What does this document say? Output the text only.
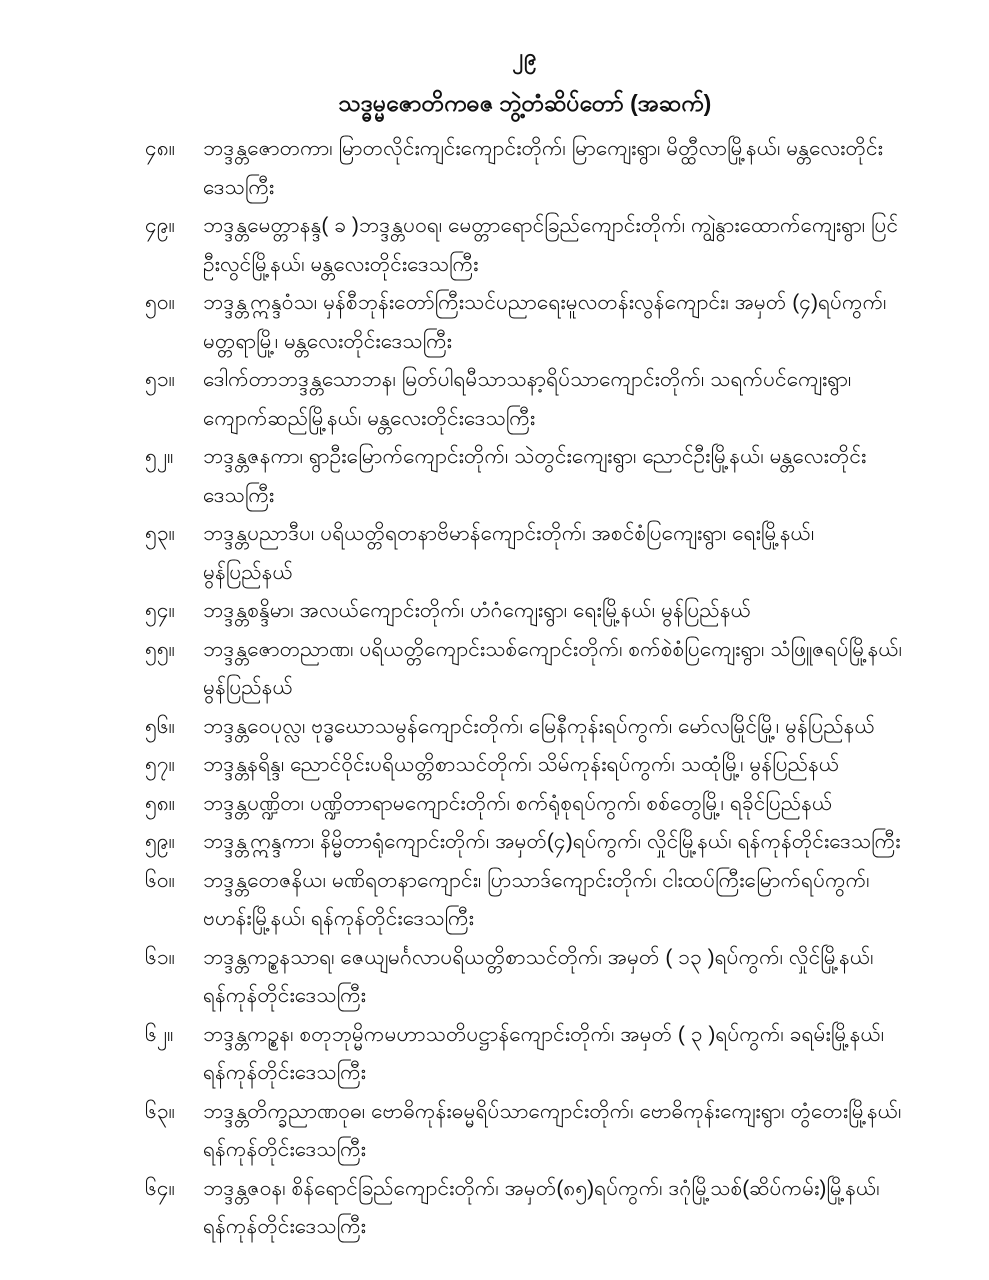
၂၉
သဒ္ဓမ္မဇောတိကဓဇ ဘွဲ့တံဆိပ်တော် (အဆက်)
၄၈။	ဘဒ္ဒန္တဇောတကာ၊ မြာတလိုင်းကျင်းကျောင်းတိုက်၊ မြာကျေးရွာ၊ မိတ္ထီလာမြို့နယ်၊ မန္တလေးတိုင်း ဒေသကြီး
၄၉။	ဘဒ္ဒန္တမေတ္တာနန္ဒ( ခ )ဘဒ္ဒန္တပဝရ၊ မေတ္တာရောင်ခြည်ကျောင်းတိုက်၊ ကျွဲနွားထောက်ကျေးရွာ၊ ပြင်ဦးလွင်မြို့နယ်၊ မန္တလေးတိုင်းဒေသကြီး
၅၀။	ဘဒ္ဒန္တဣန္ဒဝံသ၊ မှန်စီဘုန်းတော်ကြီးသင်ပညာရေးမူလတန်းလွန်ကျောင်း၊ အမှတ် (၄)ရပ်ကွက်၊ မတ္တရာမြို့၊ မန္တလေးတိုင်းဒေသကြီး
၅၁။	ဒေါက်တာဘဒ္ဒန္တသောဘန၊ မြတ်ပါရမီသာသနာ့ရိပ်သာကျောင်းတိုက်၊ သရက်ပင်ကျေးရွာ၊ ကျောက်ဆည်မြို့နယ်၊ မန္တလေးတိုင်းဒေသကြီး
၅၂။	ဘဒ္ဒန္တဇနကာ၊ ရွာဦးမြောက်ကျောင်းတိုက်၊ သဲတွင်းကျေးရွာ၊ ညောင်ဦးမြို့နယ်၊ မန္တလေးတိုင်း ဒေသကြီး
၅၃။	ဘဒ္ဒန္တပညာဒီပ၊ ပရိယတ္တိရတနာဗိမာန်ကျောင်းတိုက်၊ အစင်စံပြကျေးရွာ၊ ရေးမြို့နယ်၊ မွန်ပြည်နယ်
၅၄။	ဘဒ္ဒန္တစန္ဒိမာ၊ အလယ်ကျောင်းတိုက်၊ ဟံဂံကျေးရွာ၊ ရေးမြို့နယ်၊ မွန်ပြည်နယ်
၅၅။	ဘဒ္ဒန္တဇောတညာဏ၊ ပရိယတ္တိကျောင်းသစ်ကျောင်းတိုက်၊ စက်စဲစံပြကျေးရွာ၊ သံဖြူဇရပ်မြို့နယ်၊ မွန်ပြည်နယ်
၅၆။	ဘဒ္ဒန္တဝေပုလ္လ၊ ဗုဒ္ဓဃောသမွန်ကျောင်းတိုက်၊ မြေနီကုန်းရပ်ကွက်၊ မော်လမြိုင်မြို့၊ မွန်ပြည်နယ်
၅၇။	ဘဒ္ဒန္တနရိန္ဒ၊ ညောင်ဝိုင်းပရိယတ္တိစာသင်တိုက်၊ သိမ်ကုန်းရပ်ကွက်၊ သထုံမြို့၊ မွန်ပြည်နယ်
၅၈။	ဘဒ္ဒန္တပဏ္ဍိတ၊ ပဏ္ဍိတာရာမကျောင်းတိုက်၊ စက်ရုံစုရပ်ကွက်၊ စစ်တွေမြို့၊ ရခိုင်ပြည်နယ်
၅၉။	ဘဒ္ဒန္တဣန္ဒကာ၊ နိမ္မိတာရုံကျောင်းတိုက်၊ အမှတ်(၄)ရပ်ကွက်၊ လှိုင်မြို့နယ်၊ ရန်ကုန်တိုင်းဒေသကြီး
၆၀။	ဘဒ္ဒန္တတေဇနိယ၊ မဏိရတနာကျောင်း၊ ပြာသာဒ်ကျောင်းတိုက်၊ ငါးထပ်ကြီးမြောက်ရပ်ကွက်၊ ဗဟန်းမြို့နယ်၊ ရန်ကုန်တိုင်းဒေသကြီး
၆၁။	ဘဒ္ဒန္တကဉ္စနသာရ၊ ဇေယျမင်္ဂလာပရိယတ္တိစာသင်တိုက်၊ အမှတ် ( ၁၃ )ရပ်ကွက်၊ လှိုင်မြို့နယ်၊ ရန်ကုန်တိုင်းဒေသကြီး
၆၂။	ဘဒ္ဒန္တကဉ္စန၊ စတုဘုမ္မိကမဟာသတိပဋ္ဌာန်ကျောင်းတိုက်၊ အမှတ် ( ၃ )ရပ်ကွက်၊ ခရမ်းမြို့နယ်၊ ရန်ကုန်တိုင်းဒေသကြီး
၆၃။	ဘဒ္ဒန္တတိက္ခညာဏဝုဓ၊ ဗောဓိကုန်းဓမ္မရိပ်သာကျောင်းတိုက်၊ ဗောဓိကုန်းကျေးရွာ၊ တွံတေးမြို့နယ်၊ ရန်ကုန်တိုင်းဒေသကြီး
၆၄။	ဘဒ္ဒန္တဇဝန၊ စိန်ရောင်ခြည်ကျောင်းတိုက်၊ အမှတ်(၈၅)ရပ်ကွက်၊ ဒဂုံမြို့သစ်(ဆိပ်ကမ်း)မြို့နယ်၊ ရန်ကုန်တိုင်းဒေသကြီး
